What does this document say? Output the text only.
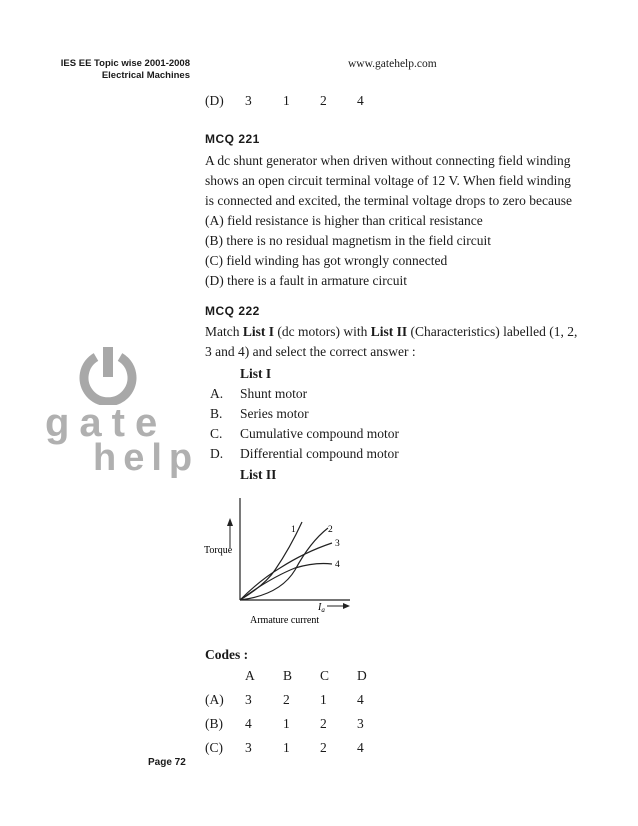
IES EE Topic wise 2001-2008
Electrical Machines
www.gatehelp.com
(D) 3 1 2 4
MCQ 221
A dc shunt generator when driven without connecting field winding
shows an open circuit terminal voltage of 12 V. When field winding
is connected and excited, the terminal voltage drops to zero because
(A) field resistance is higher than critical resistance
(B) there is no residual magnetism in the field circuit
(C) field winding has got wrongly connected
(D) there is a fault in armature circuit
MCQ 222
Match List I (dc motors) with List II (Characteristics) labelled (1, 2,
3 and 4) and select the correct answer :
List I
A. Shunt motor
B. Series motor
C. Cumulative compound motor
D. Differential compound motor
List II
Torque
$I_a$
Armature current
1	2
3
4
Codes :
A B C D
(A) 3 2 1 4
(B) 4 1 2 3
(C) 3 1 2 4
gate
help
Page 72
